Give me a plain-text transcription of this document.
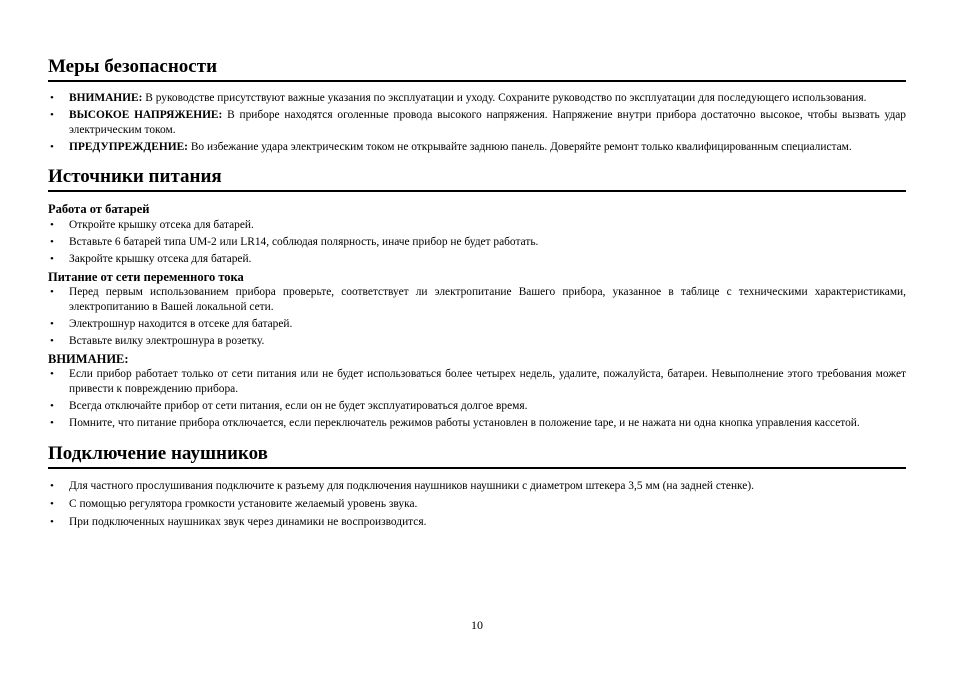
Меры безопасности
• ВНИМАНИЕ: В руководстве присутствуют важные указания по эксплуатации и уходу. Сохраните руководство по эксплуатации для последующего использования.
• ВЫСОКОЕ НАПРЯЖЕНИЕ: В приборе находятся оголенные провода высокого напряжения. Напряжение внутри прибора достаточно высокое, чтобы вызвать удар электрическим током.
• ПРЕДУПРЕЖДЕНИЕ: Во избежание удара электрическим током не открывайте заднюю панель. Доверяйте ремонт только квалифицированным специалистам.
Источники питания
Работа от батарей
• Откройте крышку отсека для батарей.
• Вставьте 6 батарей типа UM-2 или LR14, соблюдая полярность, иначе прибор не будет работать.
• Закройте крышку отсека для батарей.
Питание от сети переменного тока
• Перед первым использованием прибора проверьте, соответствует ли электропитание Вашего прибора, указанное в таблице с техническими характеристиками, электропитанию в Вашей локальной сети.
• Электрошнур находится в отсеке для батарей.
• Вставьте вилку электрошнура в розетку.
ВНИМАНИЕ:
• Если прибор работает только от сети питания или не будет использоваться более четырех недель, удалите, пожалуйста, батареи. Невыполнение этого требования может привести к повреждению прибора.
• Всегда отключайте прибор от сети питания, если он не будет эксплуатироваться долгое время.
• Помните, что питание прибора отключается, если переключатель режимов работы установлен в положение tape, и не нажата ни одна кнопка управления кассетой.
Подключение наушников
• Для частного прослушивания подключите к разъему для подключения наушников наушники с диаметром штекера 3,5 мм (на задней стенке).
• С помощью регулятора громкости установите желаемый уровень звука.
• При подключенных наушниках звук через динамики не воспроизводится.
10
